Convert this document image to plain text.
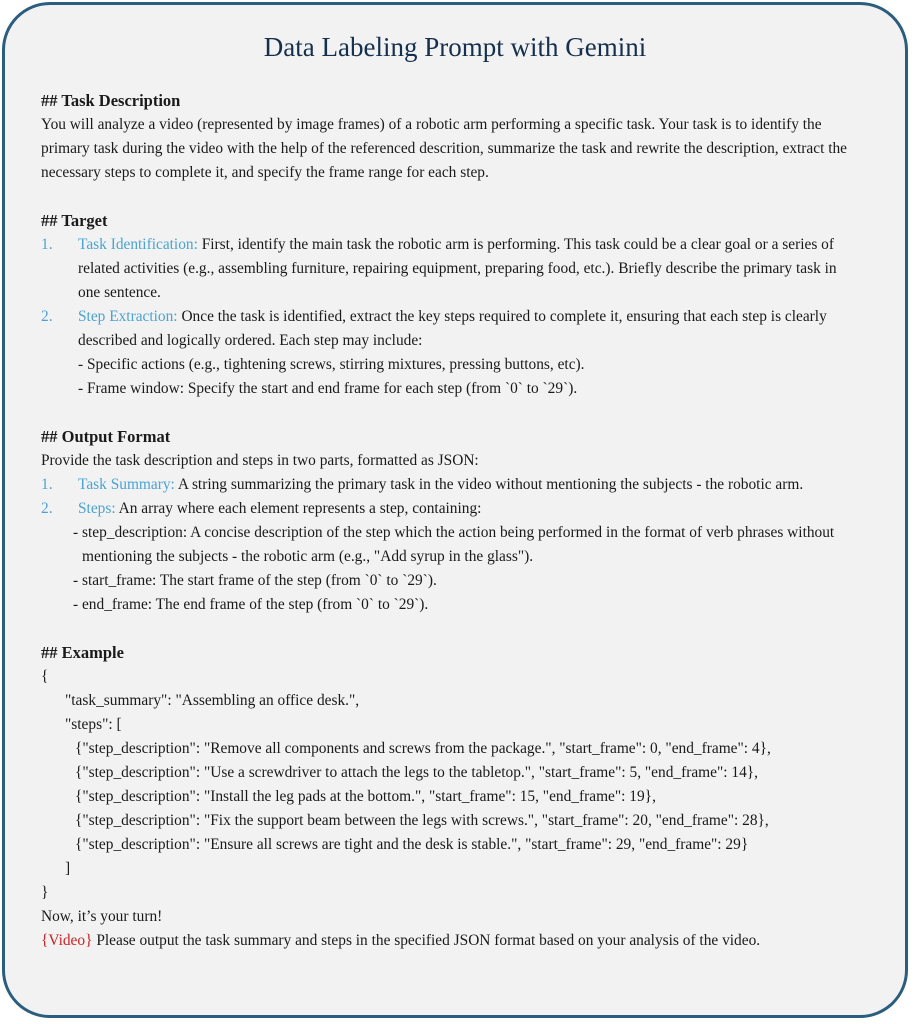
Data Labeling Prompt with Gemini
## Task Description
You will analyze a video (represented by image frames) of a robotic arm performing a specific task. Your task is to identify the
primary task during the video with the help of the referenced descrition, summarize the task and rewrite the description, extract the
necessary steps to complete it, and specify the frame range for each step.
## Target
1. Task Identification: First, identify the main task the robotic arm is performing. This task could be a clear goal or a series of
related activities (e.g., assembling furniture, repairing equipment, preparing food, etc.). Briefly describe the primary task in
one sentence.
2. Step Extraction: Once the task is identified, extract the key steps required to complete it, ensuring that each step is clearly
described and logically ordered. Each step may include:
- Specific actions (e.g., tightening screws, stirring mixtures, pressing buttons, etc).
- Frame window: Specify the start and end frame for each step (from `0` to `29`).
## Output Format
Provide the task description and steps in two parts, formatted as JSON:
1. Task Summary: A string summarizing the primary task in the video without mentioning the subjects - the robotic arm.
2. Steps: An array where each element represents a step, containing:
- step_description: A concise description of the step which the action being performed in the format of verb phrases without
mentioning the subjects - the robotic arm (e.g., "Add syrup in the glass").
- start_frame: The start frame of the step (from `0` to `29`).
- end_frame: The end frame of the step (from `0` to `29`).
## Example
{
"task_summary": "Assembling an office desk.",
"steps": [
{"step_description": "Remove all components and screws from the package.", "start_frame": 0, "end_frame": 4},
{"step_description": "Use a screwdriver to attach the legs to the tabletop.", "start_frame": 5, "end_frame": 14},
{"step_description": "Install the leg pads at the bottom.", "start_frame": 15, "end_frame": 19},
{"step_description": "Fix the support beam between the legs with screws.", "start_frame": 20, "end_frame": 28},
{"step_description": "Ensure all screws are tight and the desk is stable.", "start_frame": 29, "end_frame": 29}
]
}
Now, it’s your turn!
{Video} Please output the task summary and steps in the specified JSON format based on your analysis of the video.
